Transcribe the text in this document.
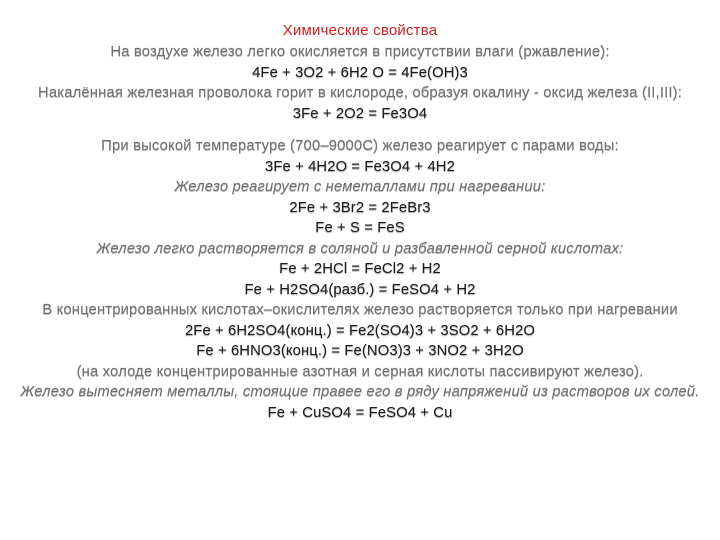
Химические свойства
На воздухе железо легко окисляется в присутствии влаги (ржавление):
4Fe + 3O2 + 6H2 O = 4Fe(OH)3
Накалённая железная проволока горит в кислороде, образуя окалину - оксид железа (II,III):
3Fe + 2O2 = Fe3O4
При высокой температуре (700–9000С) железо реагирует с парами воды:
3Fe + 4H2O = Fe3O4 + 4H2
Железо реагирует с неметаллами при нагревании:
2Fe + 3Br2 = 2FeBr3
Fe + S = FeS
Железо легко растворяется в соляной и разбавленной серной кислотах:
Fe + 2HCl = FeCl2 + H2
Fe + H2SO4(разб.) = FeSO4 + H2
В концентрированных кислотах–окислителях железо растворяется только при нагревании
2Fe + 6H2SO4(конц.) = Fe2(SO4)3 + 3SO2 + 6H2O
Fe + 6HNO3(конц.) = Fe(NO3)3 + 3NO2 + 3H2O
(на холоде концентрированные азотная и серная кислоты пассивируют железо).
Железо вытесняет металлы, стоящие правее его в ряду напряжений из растворов их солей.
Fe + CuSO4 = FeSO4 + Cu
